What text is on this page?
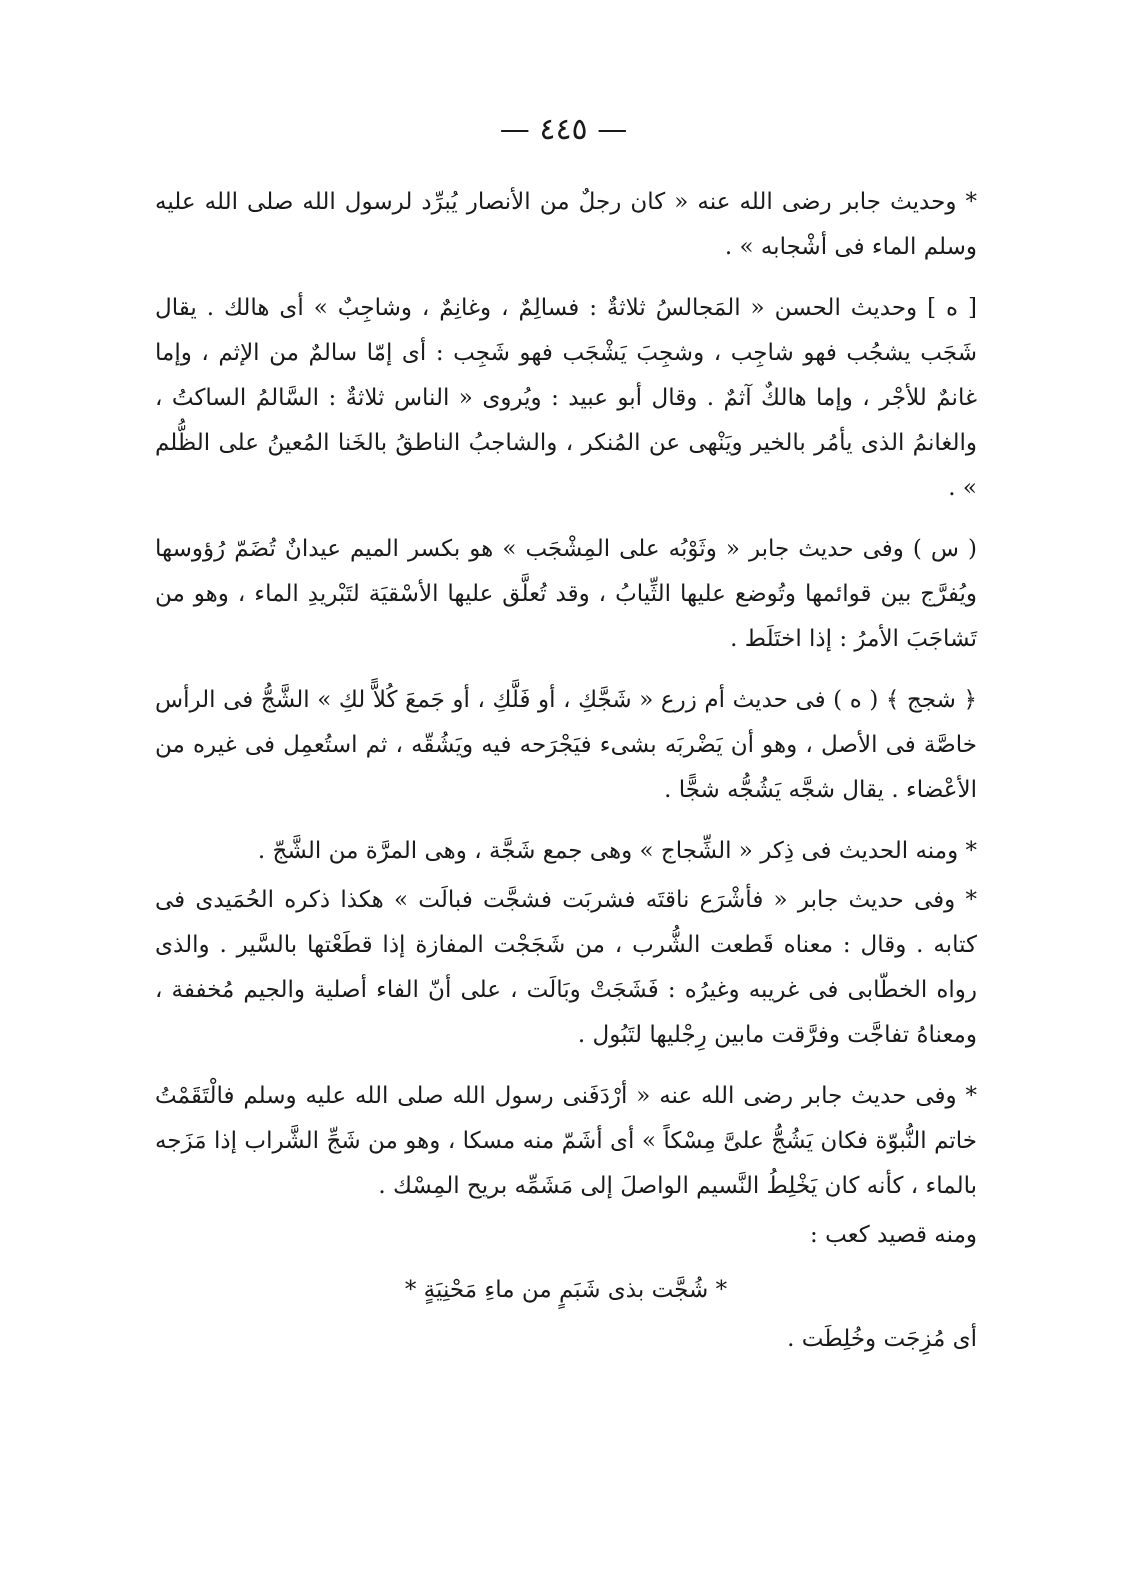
— ٤٤٥ —

* وحديث جابر رضى الله عنه « كان رجلٌ من الأنصار يُبرِّد لرسول الله صلى الله عليه وسلم الماء فى أشْجابه » .

[ ه ] وحديث الحسن « المَجالسُ ثلاثةٌ : فسالِمٌ ، وغانِمٌ ، وشاجِبٌ » أى هالك . يقال شَجَب يشجُب فهو شاجِب ، وشجِبَ يَشْجَب فهو شَجِب : أى إمّا سالمٌ من الإثم ، وإما غانمٌ للأجْر ، وإما هالكٌ آثمٌ . وقال أبو عبيد : ويُروى « الناس ثلاثةٌ : السَّالمُ الساكتُ ، والغانمُ الذى يأمُر بالخير ويَنْهى عن المُنكر ، والشاجبُ الناطقُ بالخَنا المُعينُ على الظُّلم » .

( س ) وفى حديث جابر « وثَوْبُه على المِشْجَب » هو بكسر الميم عيدانٌ تُضَمّ رُؤوسها ويُفرَّج بين قوائمها وتُوضع عليها الثِّيابُ ، وقد تُعلَّق عليها الأسْقيَة لتَبْريدِ الماء ، وهو من تَشاجَبَ الأمرُ : إذا اختَلَط .

﴿ شجج ﴾ ( ه ) فى حديث أم زرع « شَجَّكِ ، أو فَلَّكِ ، أو جَمعَ كُلاًّ لكِ » الشَّجُّ فى الرأس خاصَّة فى الأصل ، وهو أن يَضْربَه بشىء فيَجْرَحه فيه ويَشُقّه ، ثم استُعمِل فى غيره من الأعْضاء . يقال شجَّه يَشُجُّه شجًّا .

* ومنه الحديث فى ذِكر « الشِّجاج » وهى جمع شَجَّة ، وهى المرَّة من الشَّجّ .

* وفى حديث جابر « فأشْرَع ناقتَه فشربَت فشجَّت فبالَت » هكذا ذكره الحُمَيدى فى كتابه . وقال : معناه قَطعت الشُّرب ، من شَجَجْت المفازة إذا قطَعْتها بالسَّير . والذى رواه الخطّابى فى غريبه وغيرُه : فَشَجَتْ وبَالَت ، على أنّ الفاء أصلية والجيم مُخففة ، ومعناهُ تفاجَّت وفرَّقت مابين رِجْليها لتَبُول .

* وفى حديث جابر رضى الله عنه « أرْدَفَنى رسول الله صلى الله عليه وسلم فالْتَقَمْتُ خاتم النُّبوّة فكان يَشُجُّ علىَّ مِسْكاً » أى أشَمّ منه مسكا ، وهو من شَجِّ الشَّراب إذا مَزَجه بالماء ، كأنه كان يَخْلِطُ النَّسيم الواصلَ إلى مَشَمِّه بريح المِسْك .

ومنه قصيد كعب :

* شُجَّت بذى شَبَمٍ من ماءِ مَحْنِيَةٍ *

أى مُزِجَت وخُلِطَت .
